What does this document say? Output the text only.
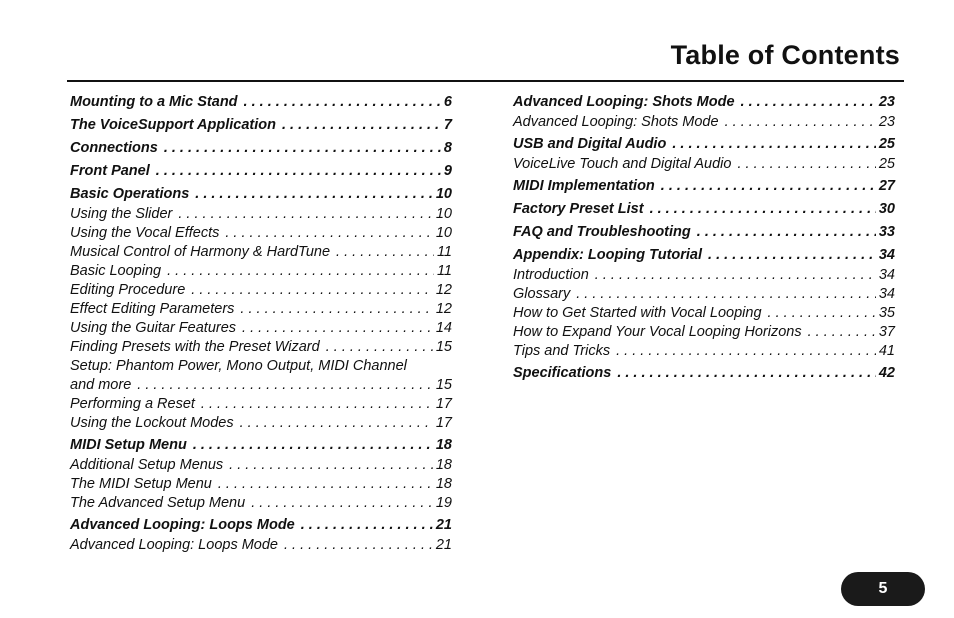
Table of Contents
Mounting to a Mic Stand . . .	6
The VoiceSupport Application . . .	7
Connections . . .	8
Front Panel . . .	9
Basic Operations . . .	10
Using the Slider . . .	10
Using the Vocal Effects . . .	10
Musical Control of Harmony & HardTune . . .	11
Basic Looping . . .	11
Editing Procedure . . .	12
Effect Editing Parameters . . .	12
Using the Guitar Features . . .	14
Finding Presets with the Preset Wizard . . .	15
Setup: Phantom Power, Mono Output, MIDI Channel
and more . . .	15
Performing a Reset . . .	17
Using the Lockout Modes . . .	17
MIDI Setup Menu . . .	18
Additional Setup Menus . . .	18
The MIDI Setup Menu . . .	18
The Advanced Setup Menu . . .	19
Advanced Looping: Loops Mode . . .	21
Advanced Looping: Loops Mode . . .	21
Advanced Looping: Shots Mode . . .	23
Advanced Looping: Shots Mode . . .	23
USB and Digital Audio . . .	25
VoiceLive Touch and Digital Audio . . .	25
MIDI Implementation . . .	27
Factory Preset List . . .	30
FAQ and Troubleshooting . . .	33
Appendix: Looping Tutorial . . .	34
Introduction . . .	34
Glossary . . .	34
How to Get Started with Vocal Looping . . .	35
How to Expand Your Vocal Looping Horizons . . .	37
Tips and Tricks . . .	41
Specifications . . .	42
5
